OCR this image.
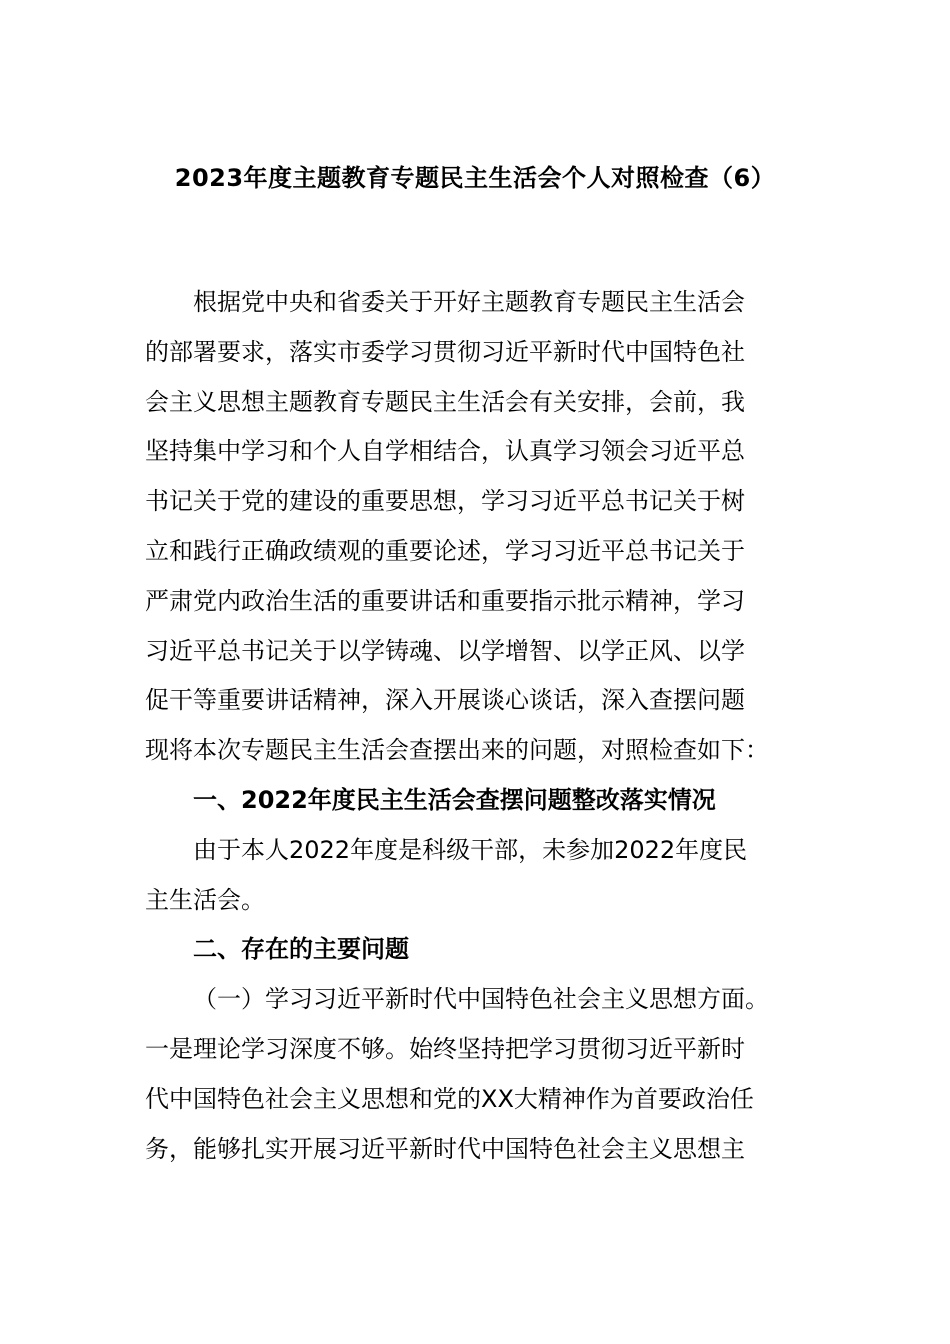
2023年度主题教育专题民主生活会个人对照检查（6）
根据党中央和省委关于开好主题教育专题民主生活会
的部署要求，落实市委学习贯彻习近平新时代中国特色社
会主义思想主题教育专题民主生活会有关安排，会前，我
坚持集中学习和个人自学相结合，认真学习领会习近平总
书记关于党的建设的重要思想，学习习近平总书记关于树
立和践行正确政绩观的重要论述，学习习近平总书记关于
严肃党内政治生活的重要讲话和重要指示批示精神，学习
习近平总书记关于以学铸魂、以学增智、以学正风、以学
促干等重要讲话精神，深入开展谈心谈话，深入查摆问题
现将本次专题民主生活会查摆出来的问题，对照检查如下：
一、2022年度民主生活会查摆问题整改落实情况
由于本人2022年度是科级干部，未参加2022年度民
主生活会。
二、存在的主要问题
（一）学习习近平新时代中国特色社会主义思想方面。
一是理论学习深度不够。始终坚持把学习贯彻习近平新时
代中国特色社会主义思想和党的XX大精神作为首要政治任
务，能够扎实开展习近平新时代中国特色社会主义思想主
